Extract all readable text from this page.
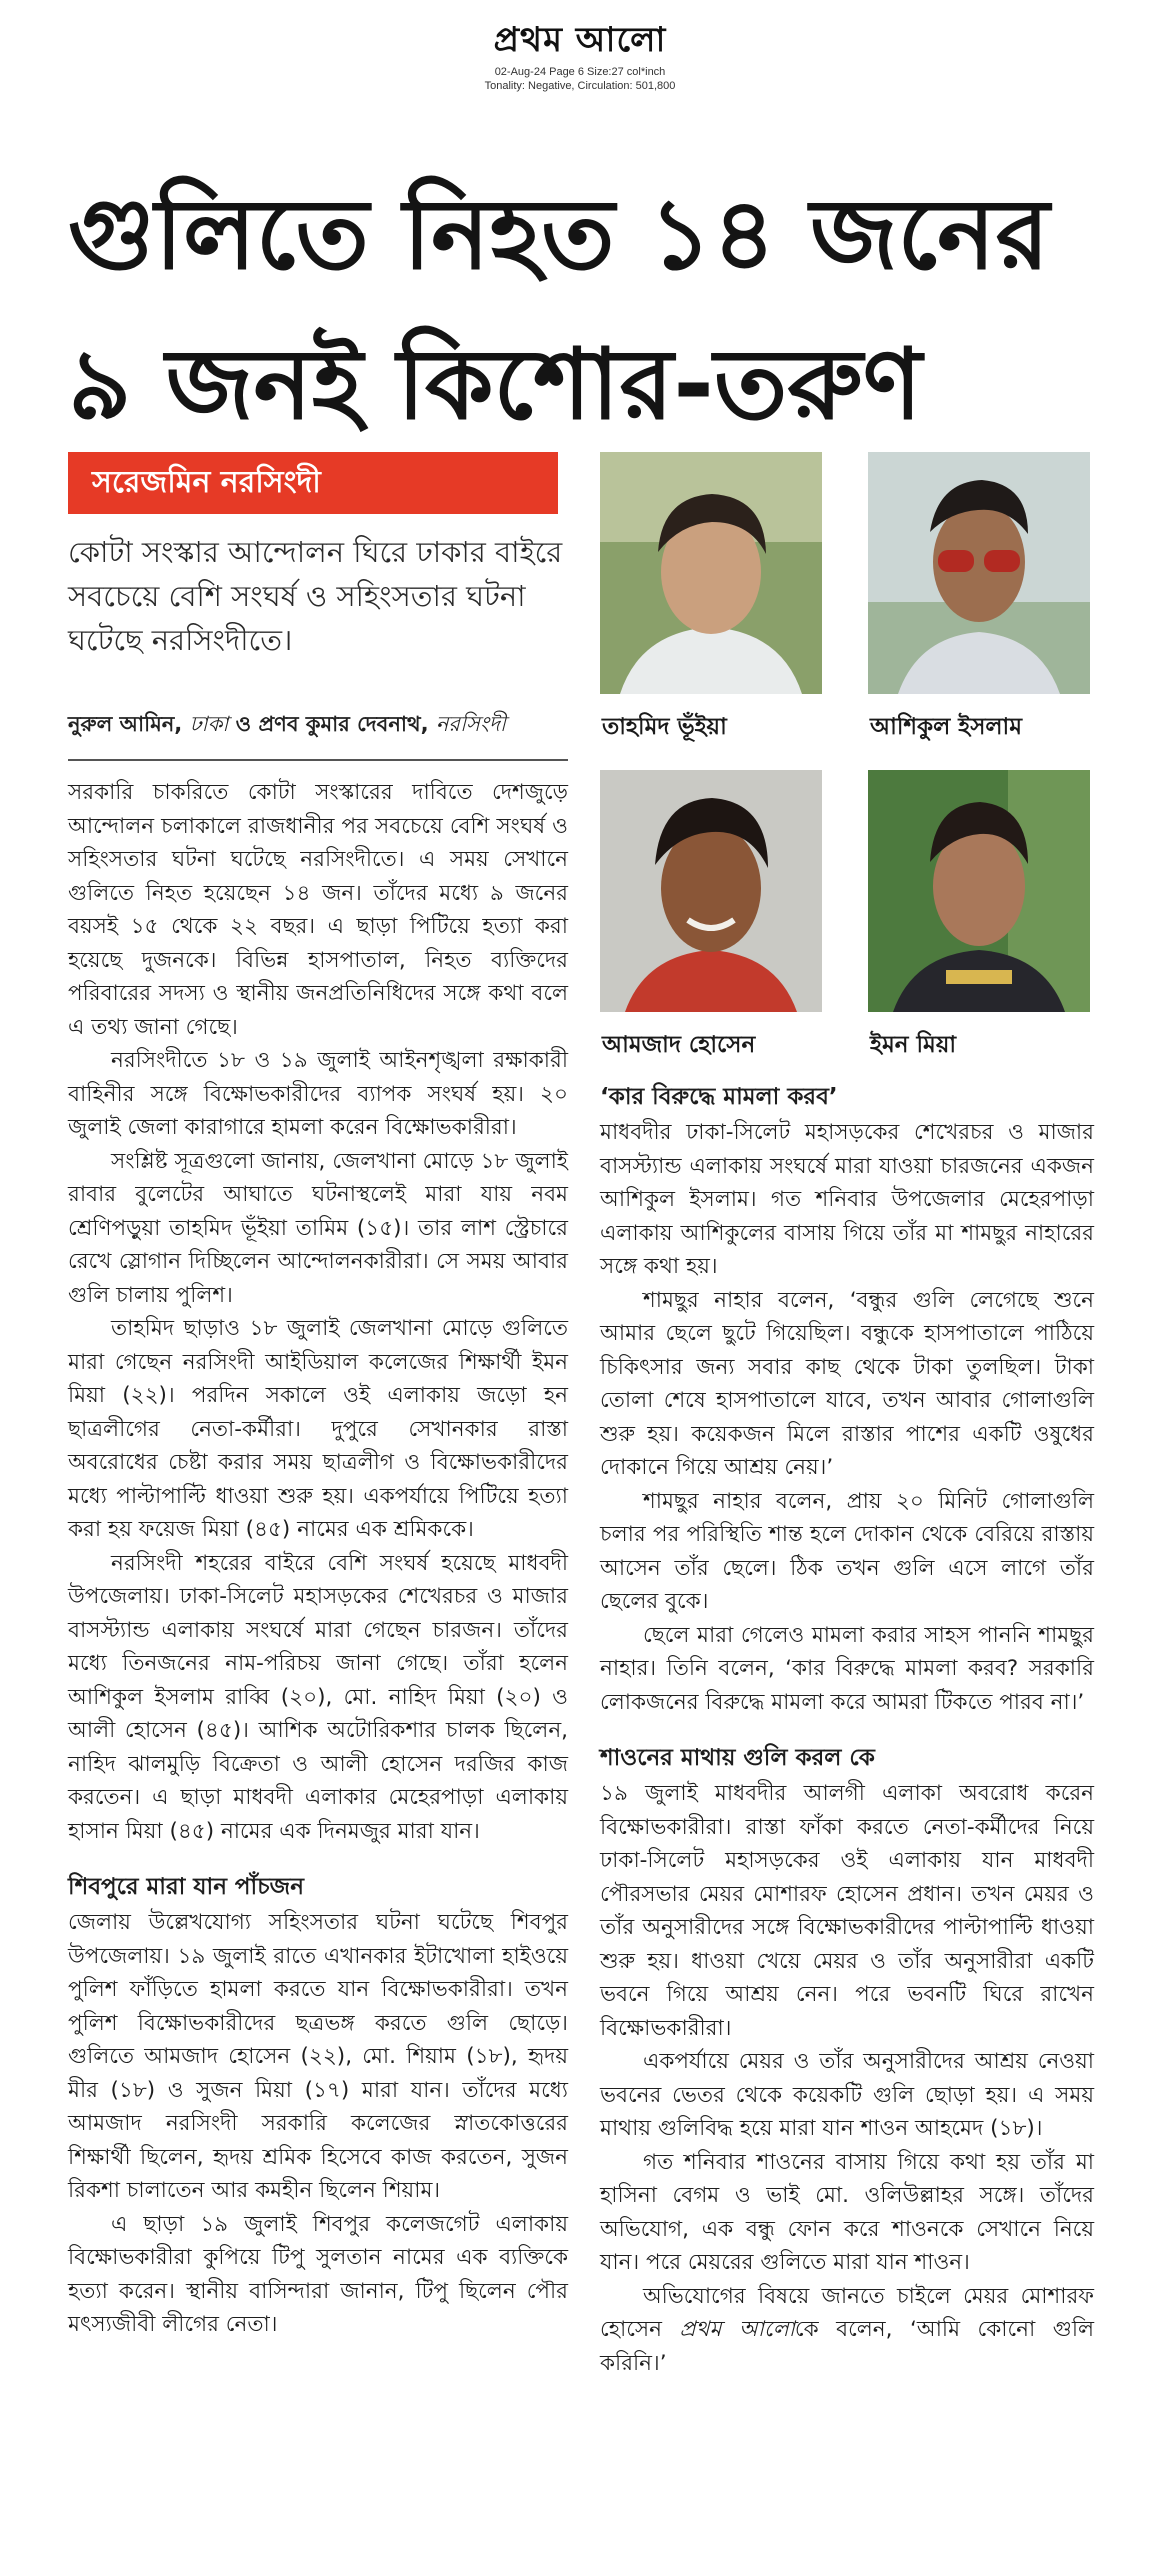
প্রথম আলো
02-Aug-24 Page 6 Size:27 col*inch
Tonality: Negative, Circulation: 501,800
গুলিতে নিহত ১৪ জনের
৯ জনই কিশোর-তরুণ
সরেজমিন নরসিংদী
কোটা সংস্কার আন্দোলন ঘিরে ঢাকার বাইরে সবচেয়ে বেশি সংঘর্ষ ও সহিংসতার ঘটনা ঘটেছে নরসিংদীতে।
নুরুল আমিন, ঢাকা ও প্রণব কুমার দেবনাথ, নরসিংদী

সরকারি চাকরিতে কোটা সংস্কারের দাবিতে দেশজুড়ে আন্দোলন চলাকালে রাজধানীর পর সবচেয়ে বেশি সংঘর্ষ ও সহিংসতার ঘটনা ঘটেছে নরসিংদীতে। এ সময় সেখানে গুলিতে নিহত হয়েছেন ১৪ জন। তাঁদের মধ্যে ৯ জনের বয়সই ১৫ থেকে ২২ বছর। এ ছাড়া পিটিয়ে হত্যা করা হয়েছে দুজনকে। বিভিন্ন হাসপাতাল, নিহত ব্যক্তিদের পরিবারের সদস্য ও স্থানীয় জনপ্রতিনিধিদের সঙ্গে কথা বলে এ তথ্য জানা গেছে।

নরসিংদীতে ১৮ ও ১৯ জুলাই আইনশৃঙ্খলা রক্ষাকারী বাহিনীর সঙ্গে বিক্ষোভকারীদের ব্যাপক সংঘর্ষ হয়। ২০ জুলাই জেলা কারাগারে হামলা করেন বিক্ষোভকারীরা।

সংশ্লিষ্ট সূত্রগুলো জানায়, জেলখানা মোড়ে ১৮ জুলাই রাবার বুলেটের আঘাতে ঘটনাস্থলেই মারা যায় নবম শ্রেণিপড়ুয়া তাহমিদ ভূঁইয়া তামিম (১৫)। তার লাশ স্ট্রেচারে রেখে স্লোগান দিচ্ছিলেন আন্দোলনকারীরা। সে সময় আবার গুলি চালায় পুলিশ।

তাহমিদ ছাড়াও ১৮ জুলাই জেলখানা মোড়ে গুলিতে মারা গেছেন নরসিংদী আইডিয়াল কলেজের শিক্ষার্থী ইমন মিয়া (২২)। পরদিন সকালে ওই এলাকায় জড়ো হন ছাত্রলীগের নেতা-কর্মীরা। দুপুরে সেখানকার রাস্তা অবরোধের চেষ্টা করার সময় ছাত্রলীগ ও বিক্ষোভকারীদের মধ্যে পাল্টাপাল্টি ধাওয়া শুরু হয়। একপর্যায়ে পিটিয়ে হত্যা করা হয় ফয়েজ মিয়া (৪৫) নামের এক শ্রমিককে।

নরসিংদী শহরের বাইরে বেশি সংঘর্ষ হয়েছে মাধবদী উপজেলায়। ঢাকা-সিলেট মহাসড়কের শেখেরচর ও মাজার বাসস্ট্যান্ড এলাকায় সংঘর্ষে মারা গেছেন চারজন। তাঁদের মধ্যে তিনজনের নাম-পরিচয় জানা গেছে। তাঁরা হলেন আশিকুল ইসলাম রাব্বি (২০), মো. নাহিদ মিয়া (২০) ও আলী হোসেন (৪৫)। আশিক অটোরিকশার চালক ছিলেন, নাহিদ ঝালমুড়ি বিক্রেতা ও আলী হোসেন দরজির কাজ করতেন। এ ছাড়া মাধবদী এলাকার মেহেরপাড়া এলাকায় হাসান মিয়া (৪৫) নামের এক দিনমজুর মারা যান।

শিবপুরে মারা যান পাঁচজন

জেলায় উল্লেখযোগ্য সহিংসতার ঘটনা ঘটেছে শিবপুর উপজেলায়। ১৯ জুলাই রাতে এখানকার ইটাখোলা হাইওয়ে পুলিশ ফাঁড়িতে হামলা করতে যান বিক্ষোভকারীরা। তখন পুলিশ বিক্ষোভকারীদের ছত্রভঙ্গ করতে গুলি ছোড়ে। গুলিতে আমজাদ হোসেন (২২), মো. শিয়াম (১৮), হৃদয় মীর (১৮) ও সুজন মিয়া (১৭) মারা যান। তাঁদের মধ্যে আমজাদ নরসিংদী সরকারি কলেজের স্নাতকোত্তরের শিক্ষার্থী ছিলেন, হৃদয় শ্রমিক হিসেবে কাজ করতেন, সুজন রিকশা চালাতেন আর কমহীন ছিলেন শিয়াম।

এ ছাড়া ১৯ জুলাই শিবপুর কলেজগেট এলাকায় বিক্ষোভকারীরা কুপিয়ে টিপু সুলতান নামের এক ব্যক্তিকে হত্যা করেন। স্থানীয় বাসিন্দারা জানান, টিপু ছিলেন পৌর মৎস্যজীবী লীগের নেতা।

তাহমিদ ভূঁইয়া	আশিকুল ইসলাম
আমজাদ হোসেন	ইমন মিয়া
‘কার বিরুদ্ধে মামলা করব’

মাধবদীর ঢাকা-সিলেট মহাসড়কের শেখেরচর ও মাজার বাসস্ট্যান্ড এলাকায় সংঘর্ষে মারা যাওয়া চারজনের একজন আশিকুল ইসলাম। গত শনিবার উপজেলার মেহেরপাড়া এলাকায় আশিকুলের বাসায় গিয়ে তাঁর মা শামছুর নাহারের সঙ্গে কথা হয়।

শামছুর নাহার বলেন, ‘বন্ধুর গুলি লেগেছে শুনে আমার ছেলে ছুটে গিয়েছিল। বন্ধুকে হাসপাতালে পাঠিয়ে চিকিৎসার জন্য সবার কাছ থেকে টাকা তুলছিল। টাকা তোলা শেষে হাসপাতালে যাবে, তখন আবার গোলাগুলি শুরু হয়। কয়েকজন মিলে রাস্তার পাশের একটি ওষুধের দোকানে গিয়ে আশ্রয় নেয়।’

শামছুর নাহার বলেন, প্রায় ২০ মিনিট গোলাগুলি চলার পর পরিস্থিতি শান্ত হলে দোকান থেকে বেরিয়ে রাস্তায় আসেন তাঁর ছেলে। ঠিক তখন গুলি এসে লাগে তাঁর ছেলের বুকে।

ছেলে মারা গেলেও মামলা করার সাহস পাননি শামছুর নাহার। তিনি বলেন, ‘কার বিরুদ্ধে মামলা করব? সরকারি লোকজনের বিরুদ্ধে মামলা করে আমরা টিকতে পারব না।’

শাওনের মাথায় গুলি করল কে

১৯ জুলাই মাধবদীর আলগী এলাকা অবরোধ করেন বিক্ষোভকারীরা। রাস্তা ফাঁকা করতে নেতা-কর্মীদের নিয়ে ঢাকা-সিলেট মহাসড়কের ওই এলাকায় যান মাধবদী পৌরসভার মেয়র মোশারফ হোসেন প্রধান। তখন মেয়র ও তাঁর অনুসারীদের সঙ্গে বিক্ষোভকারীদের পাল্টাপাল্টি ধাওয়া শুরু হয়। ধাওয়া খেয়ে মেয়র ও তাঁর অনুসারীরা একটি ভবনে গিয়ে আশ্রয় নেন। পরে ভবনটি ঘিরে রাখেন বিক্ষোভকারীরা।

একপর্যায়ে মেয়র ও তাঁর অনুসারীদের আশ্রয় নেওয়া ভবনের ভেতর থেকে কয়েকটি গুলি ছোড়া হয়। এ সময় মাথায় গুলিবিদ্ধ হয়ে মারা যান শাওন আহমেদ (১৮)।

গত শনিবার শাওনের বাসায় গিয়ে কথা হয় তাঁর মা হাসিনা বেগম ও ভাই মো. ওলিউল্লাহর সঙ্গে। তাঁদের অভিযোগ, এক বন্ধু ফোন করে শাওনকে সেখানে নিয়ে যান। পরে মেয়রের গুলিতে মারা যান শাওন।

অভিযোগের বিষয়ে জানতে চাইলে মেয়র মোশারফ হোসেন প্রথম আলোকে বলেন, ‘আমি কোনো গুলি করিনি।’
